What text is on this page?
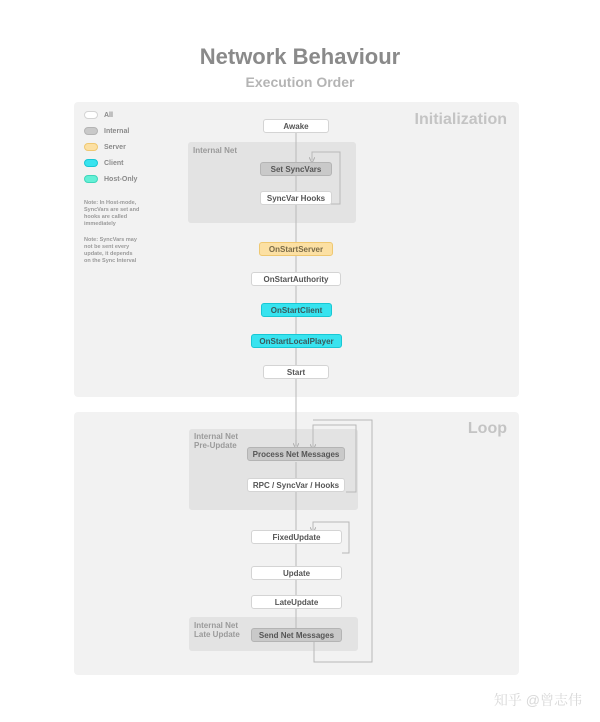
Network Behaviour
Execution Order
Initialization
Loop
Internal Net
Internal Net
Pre-Update
Internal Net
Late Update
All
Internal
Server
Client
Host-Only
Note: In Host-mode, SyncVars are set and hooks are called immediately
Note: SyncVars may not be sent every update, it depends on the Sync Interval
Awake
Set SyncVars
SyncVar Hooks
OnStartServer
OnStartAuthority
OnStartClient
OnStartLocalPlayer
Start
Process Net Messages
RPC / SyncVar / Hooks
FixedUpdate
Update
LateUpdate
Send Net Messages
知乎 @曾志伟
